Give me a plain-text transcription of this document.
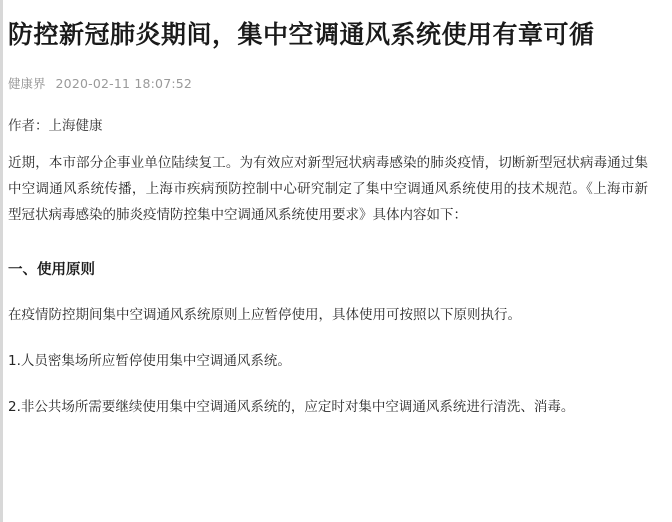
防控新冠肺炎期间，集中空调通风系统使用有章可循
健康界 2020-02-11 18:07:52
作者：上海健康

近期，本市部分企事业单位陆续复工。为有效应对新型冠状病毒感染的肺炎疫情，切断新型冠状病毒通过集中空调通风系统传播，上海市疾病预防控制中心研究制定了集中空调通风系统使用的技术规范。《上海市新型冠状病毒感染的肺炎疫情防控集中空调通风系统使用要求》具体内容如下：

一、使用原则

在疫情防控期间集中空调通风系统原则上应暂停使用，具体使用可按照以下原则执行。

1.人员密集场所应暂停使用集中空调通风系统。

2.非公共场所需要继续使用集中空调通风系统的，应定时对集中空调通风系统进行清洗、消毒。
